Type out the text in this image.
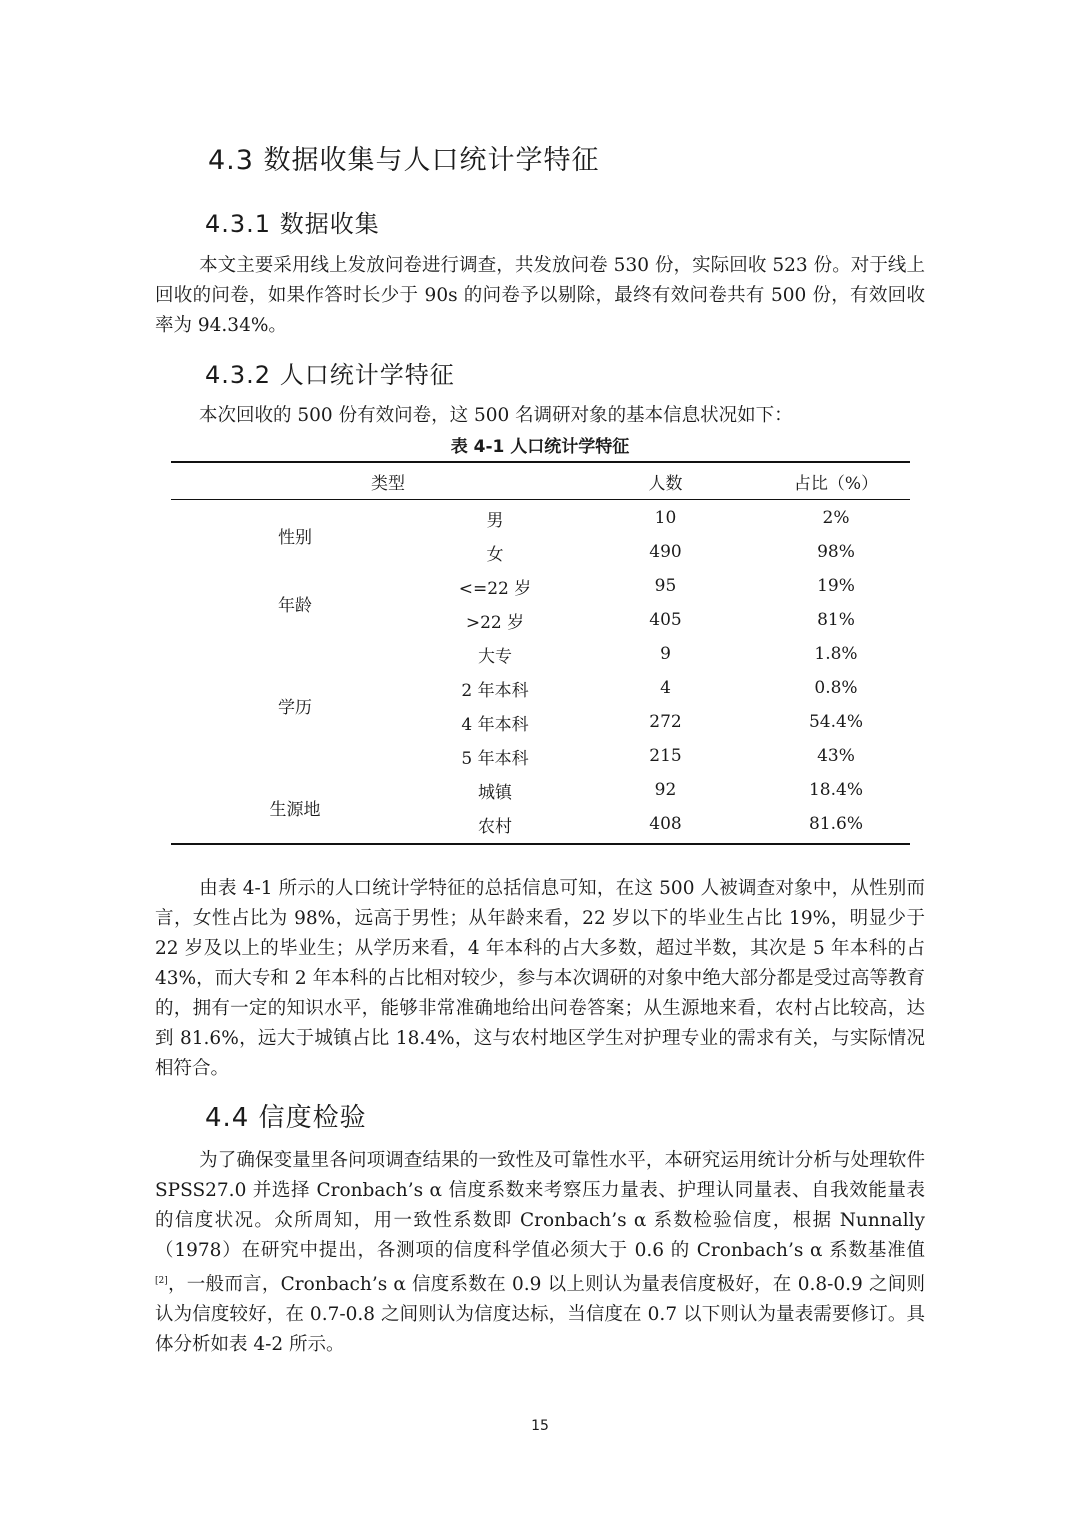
4.3 数据收集与人口统计学特征
4.3.1 数据收集

本文主要采用线上发放问卷进行调查，共发放问卷 530 份，实际回收 523 份。对于线上回收的问卷，如果作答时长少于 90s 的问卷予以剔除，最终有效问卷共有 500 份，有效回收率为 94.34%。

4.3.2 人口统计学特征

本次回收的 500 份有效问卷，这 500 名调研对象的基本信息状况如下：

表 4-1 人口统计学特征
类型	人数	占比（%）
性别
男	10	2%
女	490	98%
年龄
<=22 岁	95	19%
>22 岁	405	81%
学历
大专	9	1.8%
2 年本科	4	0.8%
4 年本科	272	54.4%
5 年本科	215	43%
生源地
城镇	92	18.4%
农村	408	81.6%

由表 4-1 所示的人口统计学特征的总括信息可知，在这 500 人被调查对象中，从性别而言，女性占比为 98%，远高于男性；从年龄来看，22 岁以下的毕业生占比 19%，明显少于 22 岁及以上的毕业生；从学历来看，4 年本科的占大多数，超过半数，其次是 5 年本科的占 43%，而大专和 2 年本科的占比相对较少，参与本次调研的对象中绝大部分都是受过高等教育的，拥有一定的知识水平，能够非常准确地给出问卷答案；从生源地来看，农村占比较高，达到 81.6%，远大于城镇占比 18.4%，这与农村地区学生对护理专业的需求有关，与实际情况相符合。

4.4 信度检验

为了确保变量里各问项调查结果的一致性及可靠性水平，本研究运用统计分析与处理软件 SPSS27.0 并选择 Cronbach’s α 信度系数来考察压力量表、护理认同量表、自我效能量表的信度状况。众所周知，用一致性系数即 Cronbach’s α 系数检验信度，根据 Nunnally（1978）在研究中提出，各测项的信度科学值必须大于 0.6 的 Cronbach’s α 系数基准值[2]，一般而言，Cronbach’s α 信度系数在 0.9 以上则认为量表信度极好，在 0.8-0.9 之间则认为信度较好，在 0.7-0.8 之间则认为信度达标，当信度在 0.7 以下则认为量表需要修订。具体分析如表 4-2 所示。

15
